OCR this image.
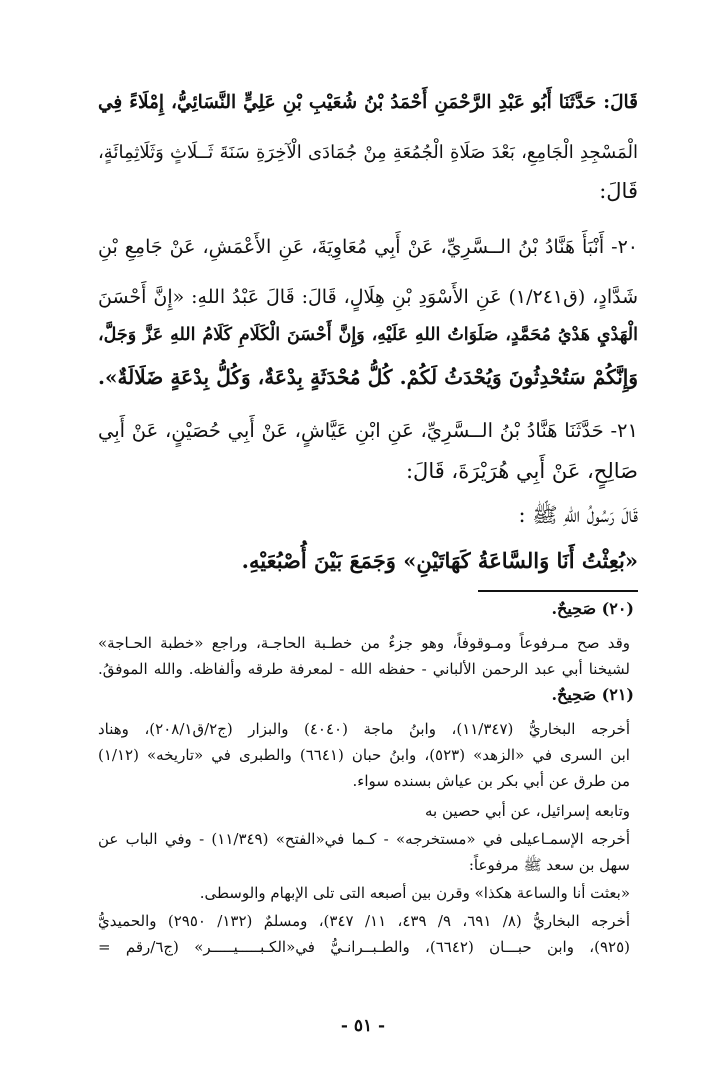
قَالَ: حَدَّثَنَا أَبُو عَبْدِ الرَّحْمَنِ أَحْمَدُ بْنُ شُعَيْبِ بْنِ عَلِيٍّ النَّسَائِيُّ، إِمْلَاءً فِي
الْمَسْجِدِ الْجَامِعِ، بَعْدَ صَلَاةِ الْجُمُعَةِ مِنْ جُمَادَى الْآخِرَةِ سَنَةَ ثَــلَاثٍ وَثَلَاثِمِائَةٍ،
قَالَ:
٢٠- أَنْبَأَ هَنَّادُ بْنُ الــسَّرِيِّ، عَنْ أَبِي مُعَاوِيَةَ، عَنِ الأَعْمَشِ، عَنْ جَامِعِ بْنِ
شَدَّادٍ، (ق١/٢٤١) عَنِ الأَسْوَدِ بْنِ هِلَالٍ، قَالَ: قَالَ عَبْدُ اللهِ: «إِنَّ أَحْسَنَ
الْهَدْيِ هَدْيُ مُحَمَّدٍ، صَلَوَاتُ اللهِ عَلَيْهِ، وَإِنَّ أَحْسَنَ الْكَلَامِ كَلَامُ اللهِ عَزَّ وَجَلَّ،
وَإِنَّكُمْ سَتُحْدِثُونَ وَيُحْدَثُ لَكُمْ. كُلُّ مُحْدَثَةٍ بِدْعَةٌ، وَكُلُّ بِدْعَةٍ ضَلَالَةٌ».
٢١- حَدَّثَنَا هَنَّادُ بْنُ الــسَّرِيِّ، عَنِ ابْنِ عَيَّاشٍ، عَنْ أَبِي حُصَيْنٍ، عَنْ أَبِي
صَالِحٍ، عَنْ أَبِي هُرَيْرَةَ، قَالَ:
قَالَ رَسُولُ اللهِ ﷺ :
«بُعِثْتُ أَنَا وَالسَّاعَةُ كَهَاتَيْنِ» وَجَمَعَ بَيْنَ أُصْبُعَيْهِ.
(٢٠) صَحِيحٌ.
وقد صح مـرفوعاً ومـوقوفاً، وهو جزءٌ من خطـبة الحاجـة، وراجع «خطبة الحـاجة»
لشيخنا أبي عبد الرحمن الألباني - حفظه الله - لمعرفة طرقه وألفاظه. والله الموفقُ.
(٢١) صَحِيحٌ.
أخرجه البخاريُّ (١١/٣٤٧)، وابنُ ماجة (٤٠٤٠) والبزار (ج٢/ق٢٠٨/١)، وهناد
ابن السرى في «الزهد» (٥٢٣)، وابنُ حبان (٦٦٤١) والطبرى في «تاريخه» (١/١٢)
من طرق عن أبي بكر بن عياش بسنده سواء.
وتابعه إسرائيل، عن أبي حصين به
أخرجه الإسمـاعيلى في «مستخرجه» - كـما في«الفتح» (١١/٣٤٩) - وفي الباب عن
سهل بن سعد ﷺ مرفوعاً:
«بعثت أنا والساعة هكذا» وقرن بين أصبعه التى تلى الإبهام والوسطى.
أخرجه البخاريُّ (٨/ ٦٩١، ٩/ ٤٣٩، ١١/ ٣٤٧)، ومسلمٌ (١٣٢/ ٢٩٥٠) والحميديُّ
(٩٢٥)، وابن حبـــان (٦٦٤٢)، والطـبــرانـيُّ في«الكـبـــــيـــــر» (ج٦/رقم =
- ٥١ -
